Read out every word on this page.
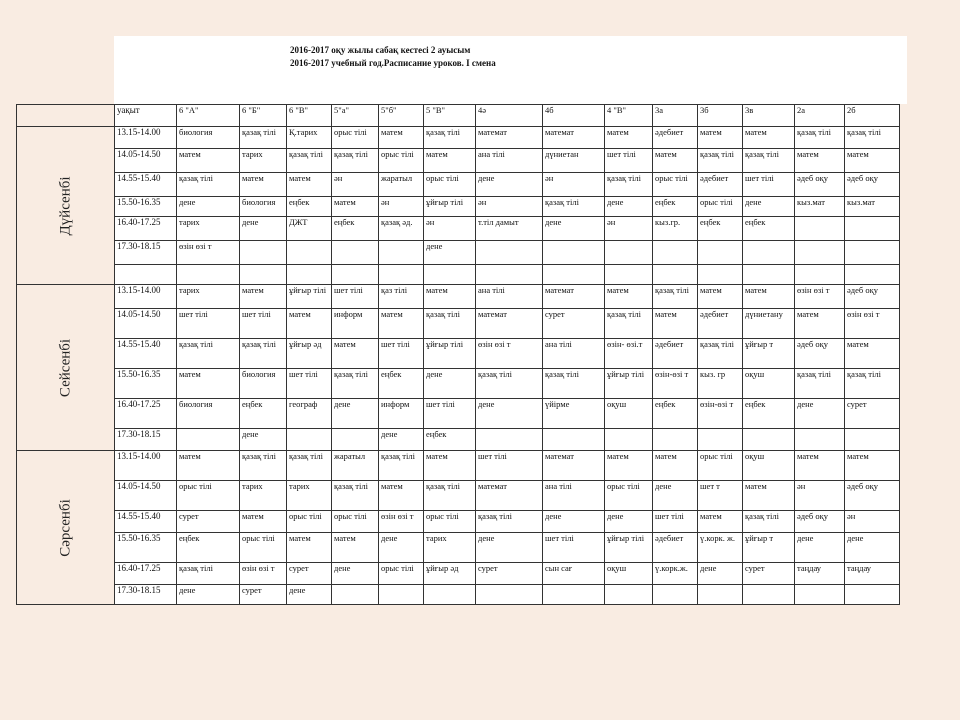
2016-2017 оқу жылы сабақ кестесі 2 ауысым
2016-2017 учебный год.Расписание уроков. I смена
	уақыт	6 "А"	6 "Б"	6 "В"	5"а"	5"б"	5 "В"	4ә	4б	4 "В"	3а	3б	3в	2а	2б

Дүйсенбі	13.15-14.00	биология	қазақ тілі	Қ.тарих	орыс тілі	матем	қазақ тілі	математ	математ	матем	әдебиет	матем	матем	қазақ тілі	қазақ тілі
	14.05-14.50	матем	тарих	қазақ тілі	қазақ тілі	орыс тілі	матем	ана тілі	дүниетан	шет тілі	матем	қазақ тілі	қазақ тілі	матем	матем
	14.55-15.40	қазақ тілі	матем	матем	ән	жаратыл	орыс тілі	дене	ән	қазақ тілі	орыс тілі	әдебиет	шет тілі	әдеб оқу	әдеб оқу
	15.50-16.35	дене	биология	еңбек	матем	ән	ұйғыр тілі	ән	қазақ тілі	дене	еңбек	орыс тілі	дене	кыз.мат	кыз.мат
	16.40-17.25	тарих	дене	ДЖТ	еңбек	қазақ әд.	ән	т.тіл дамыт	дене	ән	кыз.гр.	еңбек	еңбек		
	17.30-18.15	өзін өзі т					дене								

Сейсенбі	13.15-14.00	тарих	матем	ұйғыр тілі	шет тілі	қаз тілі	матем	ана тілі	математ	матем	қазақ тілі	матем	матем	өзін өзі т	әдеб оқу
	14.05-14.50	шет тілі	шет тілі	матем	информ	матем	қазақ тілі	математ	сурет	қазақ тілі	матем	әдебиет	дүниетану	матем	өзін өзі т
	14.55-15.40	қазақ тілі	қазақ тілі	ұйғыр әд	матем	шет тілі	ұйғыр тілі	өзін өзі т	ана тілі	өзін- өзі.т	әдебиет	қазақ тілі	ұйғыр т	әдеб оқу	матем
	15.50-16.35	матем	биология	шет тілі	қазақ тілі	еңбек	дене	қазақ тілі	қазақ тілі	ұйғыр тілі	өзін-өзі т	кыз. гр	оқуш	қазақ тілі	қазақ тілі
	16.40-17.25	биология	еңбек	географ	дене	информ	шет тілі	дене	үйірме	оқуш	еңбек	өзін-өзі т	еңбек	дене	сурет
	17.30-18.15		дене			дене	еңбек								

Сәрсенбі	13.15-14.00	матем	қазақ тілі	қазақ тілі	жаратыл	қазақ тілі	матем	шет тілі	математ	матем	матем	орыс тілі	оқуш	матем	матем
	14.05-14.50	орыс тілі	тарих	тарих	қазақ тілі	матем	қазақ тілі	математ	ана тілі	орыс тілі	дене	шет т	матем	ән	әдеб оқу
	14.55-15.40	сурет	матем	орыс тілі	орыс тілі	өзін өзі т	орыс тілі	қазақ тілі	дене	дене	шет тілі	матем	қазақ тілі	әдеб оқу	ән
	15.50-16.35	еңбек	орыс тілі	матем	матем	дене	тарих	дене	шет тілі	ұйғыр тілі	әдебиет	ү.корк. ж.	ұйғыр т	дене	дене
	16.40-17.25	қазақ тілі	өзін өзі т	сурет	дене	орыс тілі	ұйғыр әд	сурет	сын сағ	оқуш	ү.корк.ж.	дене	сурет	таңдау	таңдау
	17.30-18.15	дене	сурет	дене											
